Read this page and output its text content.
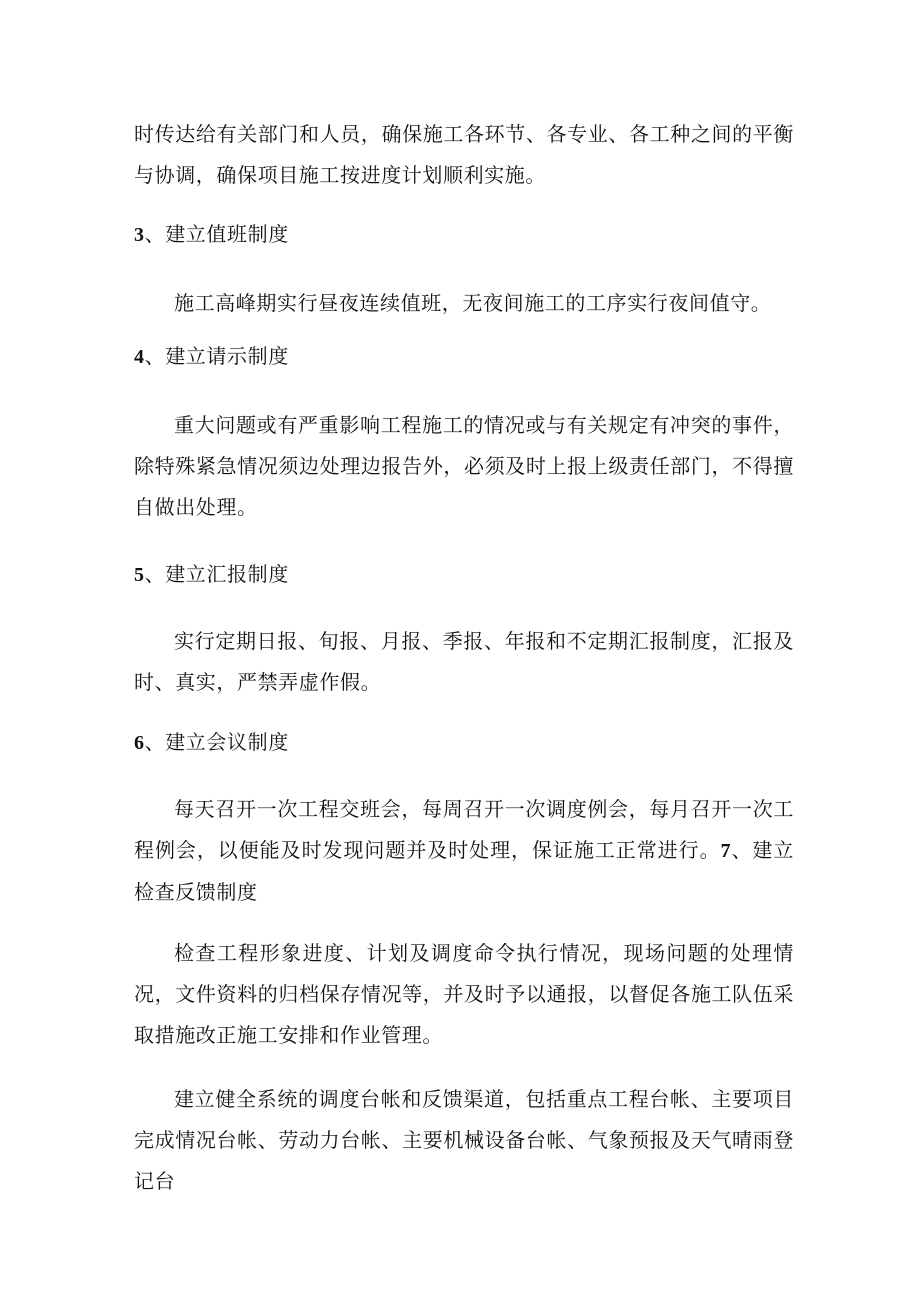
时传达给有关部门和人员，确保施工各环节、各专业、各工种之间的平衡与协调，确保项目施工按进度计划顺利实施。

3、建立值班制度

施工高峰期实行昼夜连续值班，无夜间施工的工序实行夜间值守。

4、建立请示制度

重大问题或有严重影响工程施工的情况或与有关规定有冲突的事件，除特殊紧急情况须边处理边报告外，必须及时上报上级责任部门，不得擅自做出处理。

5、建立汇报制度

实行定期日报、旬报、月报、季报、年报和不定期汇报制度，汇报及时、真实，严禁弄虚作假。

6、建立会议制度

每天召开一次工程交班会，每周召开一次调度例会，每月召开一次工程例会，以便能及时发现问题并及时处理，保证施工正常进行。7、建立检查反馈制度

检查工程形象进度、计划及调度命令执行情况，现场问题的处理情况，文件资料的归档保存情况等，并及时予以通报，以督促各施工队伍采取措施改正施工安排和作业管理。

建立健全系统的调度台帐和反馈渠道，包括重点工程台帐、主要项目完成情况台帐、劳动力台帐、主要机械设备台帐、气象预报及天气晴雨登记台
